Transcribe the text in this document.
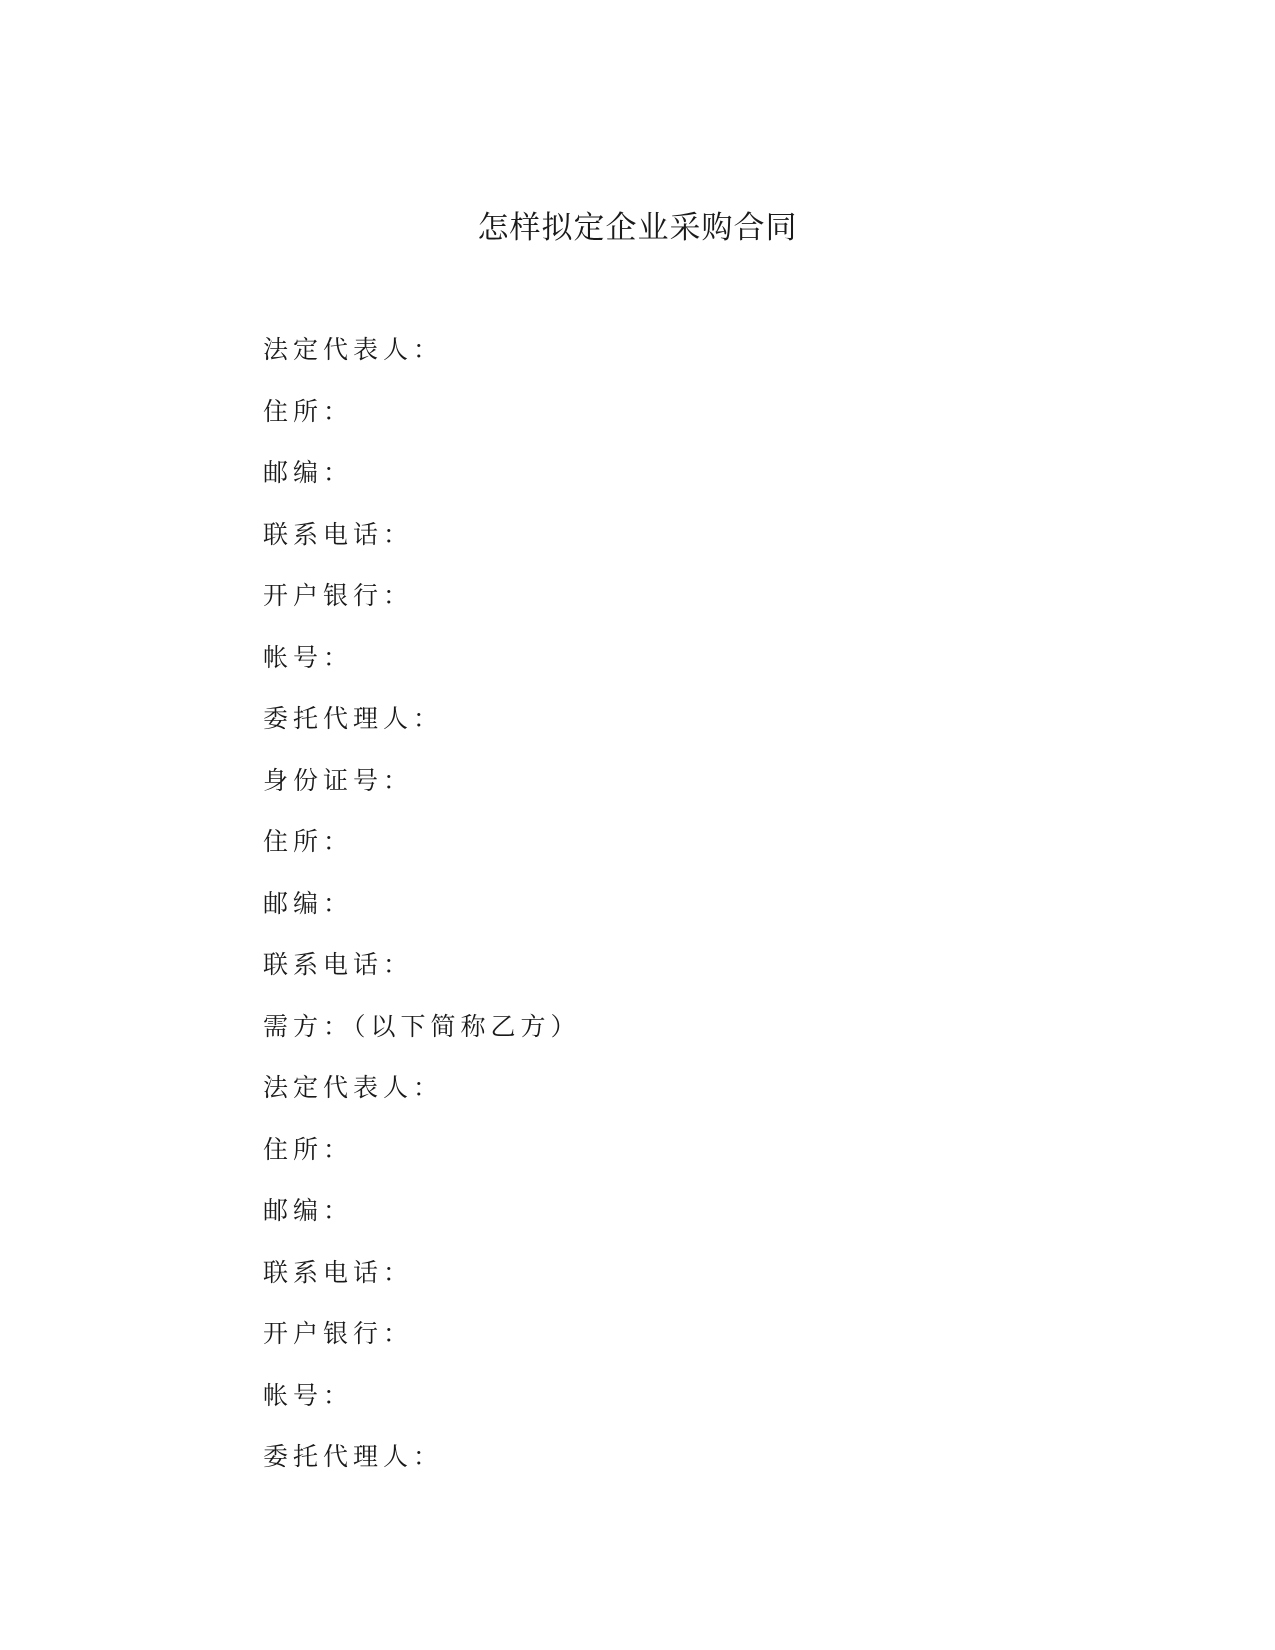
怎样拟定企业采购合同
法定代表人：
住所：
邮编：
联系电话：
开户银行：
帐号：
委托代理人：
身份证号：
住所：
邮编：
联系电话：
需方：（以下简称乙方）
法定代表人：
住所：
邮编：
联系电话：
开户银行：
帐号：
委托代理人：
